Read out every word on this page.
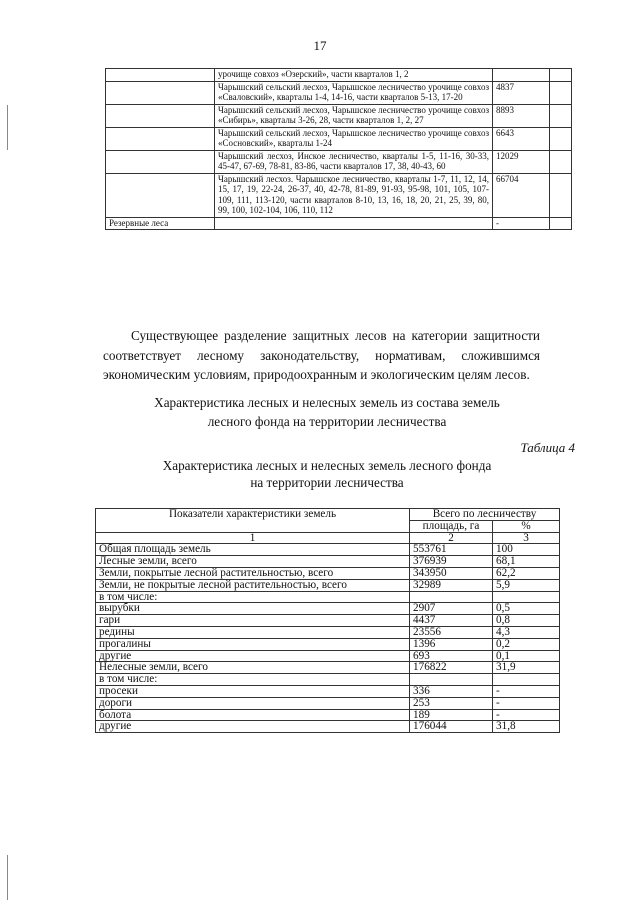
17
	урочище совхоз «Озерский», части кварталов 1, 2		
	Чарышский сельский лесхоз, Чарышское лесничество урочище совхоз «Сваловский», кварталы 1-4, 14-16, части кварталов 5-13, 17-20	4837	
	Чарышский сельский лесхоз, Чарышское лесничество урочище совхоз «Сибирь», кварталы 3-26, 28, части кварталов 1, 2, 27	8893	
	Чарышский сельский лесхоз, Чарышское лесничество урочище совхоз «Сосновский», кварталы 1-24	6643	
	Чарышский лесхоз, Инское лесничество, кварталы 1-5, 11-16, 30-33, 45-47, 67-69, 78-81, 83-86, части кварталов 17, 38, 40-43, 60	12029	
	Чарышский лесхоз. Чарышское лесничество, кварталы 1-7, 11, 12, 14, 15, 17, 19, 22-24, 26-37, 40, 42-78, 81-89, 91-93, 95-98, 101, 105, 107-109, 111, 113-120, части кварталов 8-10, 13, 16, 18, 20, 21, 25, 39, 80, 99, 100, 102-104, 106, 110, 112	66704	
Резервные леса		-	
Существующее разделение защитных лесов на категории защитности соответствует лесному законодательству, нормативам, сложившимся экономическим условиям, природоохранным и экологическим целям лесов.
Характеристика лесных и нелесных земель из состава земель
лесного фонда на территории лесничества
Таблица 4
Характеристика лесных и нелесных земель лесного фонда
на территории лесничества
Показатели характеристики земель	Всего по лесничеству	
	площадь, га	%
1	2	3
Общая площадь земель	553761	100
Лесные земли, всего	376939	68,1
Земли, покрытые лесной растительностью, всего	343950	62,2
Земли, не покрытые лесной растительностью, всего	32989	5,9
в том числе:		
вырубки	2907	0,5
гари	4437	0,8
редины	23556	4,3
прогалины	1396	0,2
другие	693	0,1
Нелесные земли, всего	176822	31,9
в том числе:		
просеки	336	-
дороги	253	-
болота	189	-
другие	176044	31,8
